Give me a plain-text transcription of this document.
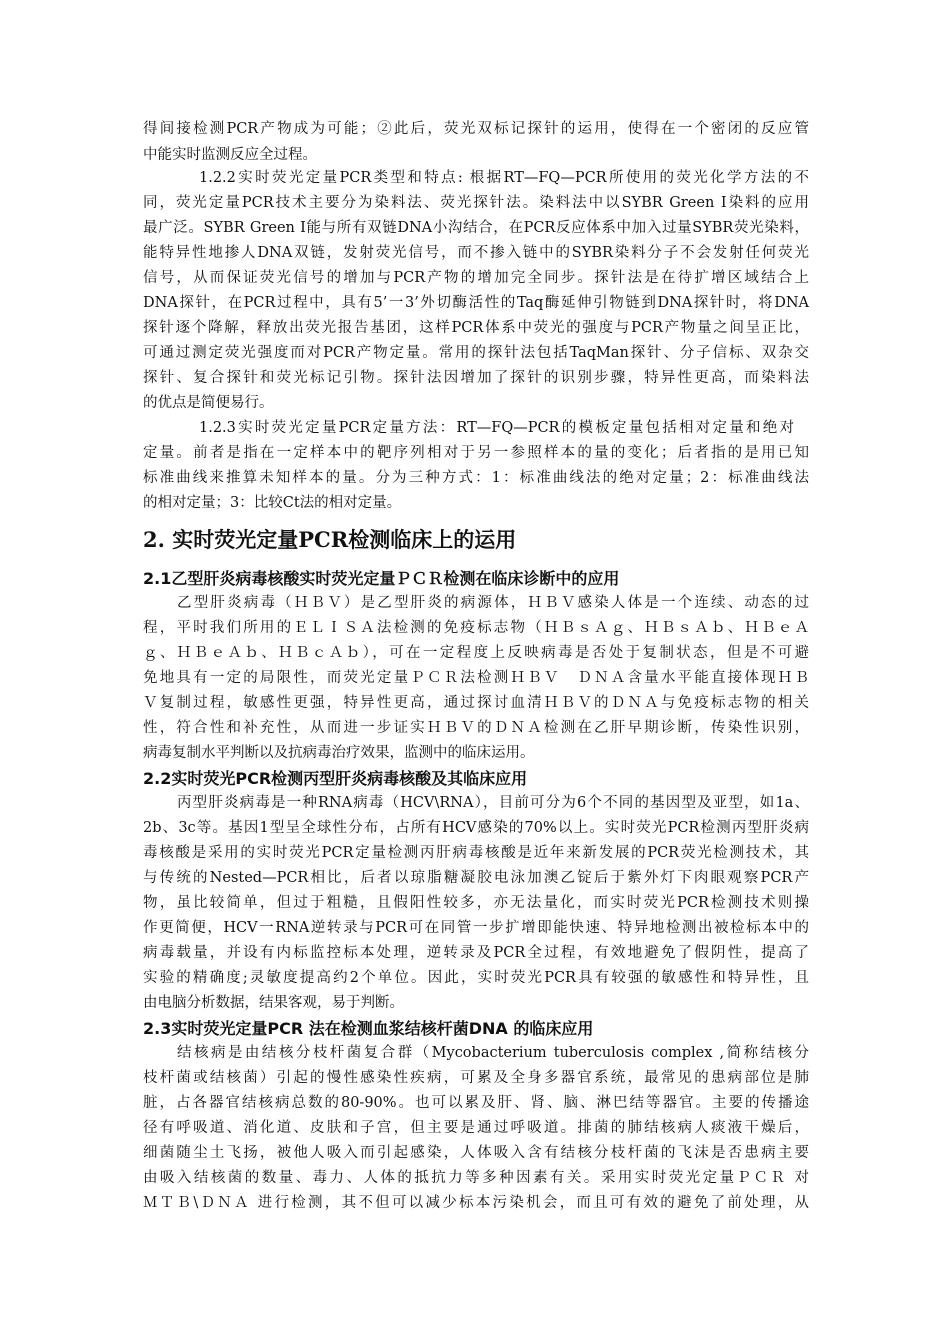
得间接检测PCR产物成为可能；②此后，荧光双标记探针的运用，使得在一个密闭的反应管
中能实时监测反应全过程。
1.2.2实时荧光定量PCR类型和特点: 根据RT—FQ—PCR所使用的荧光化学方法的不
同，荧光定量PCR技术主要分为染料法、荧光探针法。染料法中以SYBR Green Ⅰ染料的应用
最广泛。SYBR Green Ⅰ能与所有双链DNA小沟结合，在PCR反应体系中加入过量SYBR荧光染料，
能特异性地掺人DNA双链，发射荧光信号，而不掺入链中的SYBR染料分子不会发射任何荧光
信号，从而保证荧光信号的增加与PCR产物的增加完全同步。探针法是在待扩增区域结合上
DNA探针，在PCR过程中，具有5’一3’外切酶活性的Taq酶延伸引物链到DNA探针时，将DNA
探针逐个降解，释放出荧光报告基团，这样PCR体系中荧光的强度与PCR产物量之间呈正比，
可通过测定荧光强度而对PCR产物定量。常用的探针法包括TaqMan探针、分子信标、双杂交
探针、复合探针和荧光标记引物。探针法因增加了探针的识别步骤，特异性更高，而染料法
的优点是简便易行。
1.2.3实时荧光定量PCR定量方法：RT—FQ—PCR的模板定量包括相对定量和绝对
定量。前者是指在一定样本中的靶序列相对于另一参照样本的量的变化；后者指的是用已知
标准曲线来推算未知样本的量。分为三种方式：1：标准曲线法的绝对定量；2：标准曲线法
的相对定量；3：比较Ct法的相对定量。
2. 实时荧光定量PCR检测临床上的运用
2.1乙型肝炎病毒核酸实时荧光定量ＰＣＲ检测在临床诊断中的应用
乙型肝炎病毒（ＨＢＶ）是乙型肝炎的病源体，ＨＢＶ感染人体是一个连续、动态的过
程，平时我们所用的ＥＬＩＳＡ法检测的免疫标志物（ＨＢｓＡｇ、ＨＢｓＡｂ、ＨＢｅＡ
ｇ、ＨＢｅＡｂ、ＨＢｃＡｂ），可在一定程度上反映病毒是否处于复制状态，但是不可避
免地具有一定的局限性，而荧光定量ＰＣＲ法检测ＨＢＶ　ＤＮＡ含量水平能直接体现ＨＢ
Ｖ复制过程，敏感性更强，特异性更高，通过探讨血清ＨＢＶ的ＤＮＡ与免疫标志物的相关
性，符合性和补充性，从而进一步证实ＨＢＶ的ＤＮＡ检测在乙肝早期诊断，传染性识别，
病毒复制水平判断以及抗病毒治疗效果，监测中的临床运用。
2.2实时荧光PCR检测丙型肝炎病毒核酸及其临床应用
丙型肝炎病毒是一种RNA病毒（HCV\RNA），目前可分为6个不同的基因型及亚型，如1a、
2b、3c等。基因1型呈全球性分布，占所有HCV感染的70%以上。实时荧光PCR检测丙型肝炎病
毒核酸是采用的实时荧光PCR定量检测丙肝病毒核酸是近年来新发展的PCR荧光检测技术，其
与传统的Nested—PCR相比，后者以琼脂糖凝胶电泳加澳乙锭后于紫外灯下肉眼观察PCR产
物，虽比较简单，但过于粗糙，且假阳性较多，亦无法量化，而实时荧光PCR检测技术则操
作更简便，HCV一RNA逆转录与PCR可在同管一步扩增即能快速、特异地检测出被检标本中的
病毒载量，并设有内标监控标本处理，逆转录及PCR全过程，有效地避免了假阴性，提高了
实验的精确度;灵敏度提高约2个单位。因此，实时荧光PCR具有较强的敏感性和特异性，且
由电脑分析数据，结果客观，易于判断。
2.3实时荧光定量PCR 法在检测血浆结核杆菌DNA 的临床应用
结核病是由结核分枝杆菌复合群（Mycobacterium tuberculosis complex ,简称结核分
枝杆菌或结核菌）引起的慢性感染性疾病，可累及全身多器官系统，最常见的患病部位是肺
脏，占各器官结核病总数的80-90%。也可以累及肝、肾、脑、淋巴结等器官。主要的传播途
径有呼吸道、消化道、皮肤和子宫，但主要是通过呼吸道。排菌的肺结核病人痰液干燥后，
细菌随尘土飞扬，被他人吸入而引起感染，人体吸入含有结核分枝杆菌的飞沫是否患病主要
由吸入结核菌的数量、毒力、人体的抵抗力等多种因素有关。采用实时荧光定量ＰＣＲ 对
ＭＴＢ\ＤＮＡ 进行检测，其不但可以减少标本污染机会，而且可有效的避免了前处理，从
